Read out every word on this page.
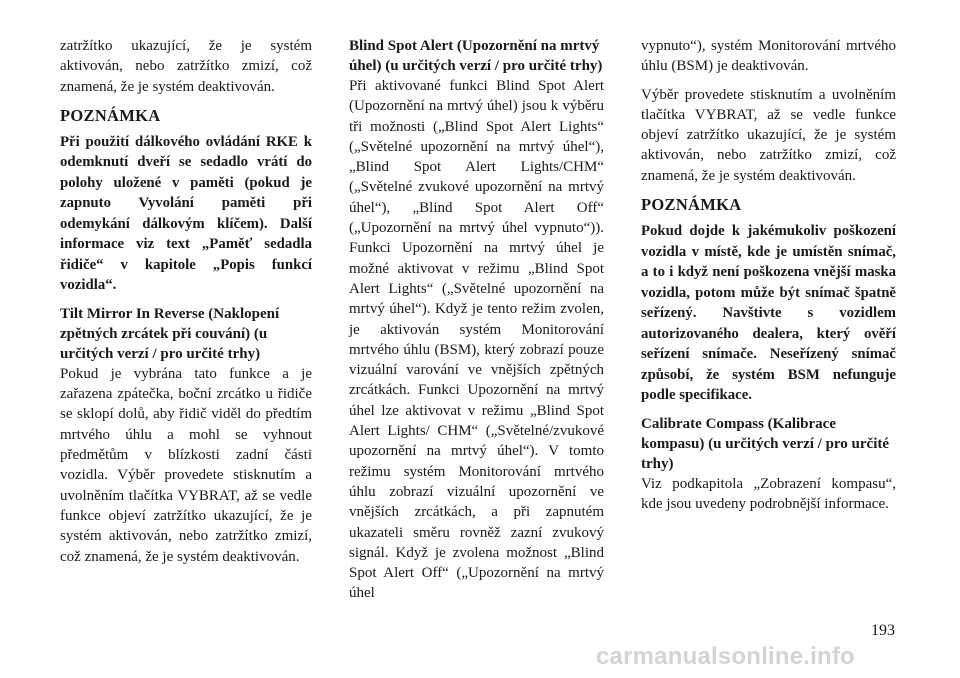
zatržítko ukazující, že je systém aktivován, nebo zatržítko zmizí, což znamená, že je systém deaktivován.

POZNÁMKA

Při použití dálkového ovládání RKE k odemknutí dveří se sedadlo vrátí do polohy uložené v paměti (pokud je zapnuto Vyvolání paměti při odemykání dálkovým klíčem). Další informace viz text „Paměť sedadla řidiče“ v kapitole „Popis funkcí vozidla“.

Tilt Mirror In Reverse (Naklopení zpětných zrcátek při couvání) (u určitých verzí / pro určité trhy)

Pokud je vybrána tato funkce a je zařazena zpátečka, boční zrcátko u řidiče se sklopí dolů, aby řidič viděl do předtím mrtvého úhlu a mohl se vyhnout předmětům v blízkosti zadní části vozidla. Výběr provedete stisknutím a uvolněním tlačítka VYBRAT, až se vedle funkce objeví zatržítko ukazující, že je systém aktivován, nebo zatržítko zmizí, což znamená, že je systém deaktivován.

Blind Spot Alert (Upozornění na mrtvý úhel) (u určitých verzí / pro určité trhy)

Při aktivované funkci Blind Spot Alert (Upozornění na mrtvý úhel) jsou k výběru tři možnosti („Blind Spot Alert Lights“ („Světelné upozornění na mrtvý úhel“), „Blind Spot Alert Lights/CHM“ („Světelné zvukové upozornění na mrtvý úhel“), „Blind Spot Alert Off“ („Upozornění na mrtvý úhel vypnuto“)). Funkci Upozornění na mrtvý úhel je možné aktivovat v režimu „Blind Spot Alert Lights“ („Světelné upozornění na mrtvý úhel“). Když je tento režim zvolen, je aktivován systém Monitorování mrtvého úhlu (BSM), který zobrazí pouze vizuální varování ve vnějších zpětných zrcátkách. Funkci Upozornění na mrtvý úhel lze aktivovat v režimu „Blind Spot Alert Lights/ CHM“ („Světelné/zvukové upozornění na mrtvý úhel“). V tomto režimu systém Monitorování mrtvého úhlu zobrazí vizuální upozornění ve vnějších zrcátkách, a při zapnutém ukazateli směru rovněž zazní zvukový signál. Když je zvolena možnost „Blind Spot Alert Off“ („Upozornění na mrtvý úhel

vypnuto“), systém Monitorování mrtvého úhlu (BSM) je deaktivován.

Výběr provedete stisknutím a uvolněním tlačítka VYBRAT, až se vedle funkce objeví zatržítko ukazující, že je systém aktivován, nebo zatržítko zmizí, což znamená, že je systém deaktivován.

POZNÁMKA

Pokud dojde k jakémukoliv poškození vozidla v místě, kde je umístěn snímač, a to i když není poškozena vnější maska vozidla, potom může být snímač špatně seřízený. Navštivte s vozidlem autorizovaného dealera, který ověří seřízení snímače. Neseřízený snímač způsobí, že systém BSM nefunguje podle specifikace.

Calibrate Compass (Kalibrace kompasu) (u určitých verzí / pro určité trhy)

Viz podkapitola „Zobrazení kompasu“, kde jsou uvedeny podrobnější informace.

193
carmanualsonline.info
